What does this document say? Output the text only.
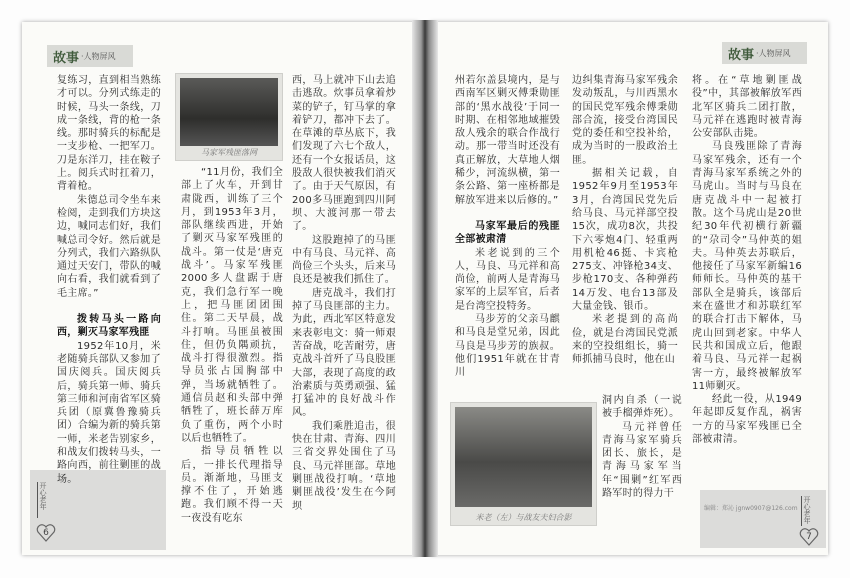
故事 ·人物屏风	故事 ·人物屏风
马家军残匪落网
米老（左）与战友夫妇合影

复练习，直到相当熟练才可以。分列式练走的时候，马头一条线，刀成一条线，背的枪一条线。那时骑兵的标配是一支步枪、一把军刀。刀是东洋刀，挂在鞍子上。阅兵式时扛着刀，背着枪。

朱德总司令坐车来检阅，走到我们方块这边，喊同志们好，我们喊总司令好。然后就是分列式，我们六路纵队通过天安门，带队的喊向右看，我们就看到了毛主席。”

拨转马头一路向西，剿灭马家军残匪

1952年10月，米老随骑兵部队又参加了国庆阅兵。国庆阅兵后，骑兵第一师、骑兵第三师和河南省军区骑兵团（原冀鲁豫骑兵团）合编为新的骑兵第一师，米老告别家乡，和战友们拨转马头，一路向西，前往剿匪的战场。

“11月份，我们全部上了火车，开到甘肃陇西，训练了三个月，到1953年3月，部队继续西进，开始了剿灭马家军残匪的战斗。第一仗是‘唐克战斗’。马家军残匪2000多人盘踞于唐克，我们急行军一晚上，把马匪团团围住。第二天早晨，战斗打响。马匪虽被围住，但仍负隅顽抗，战斗打得很激烈。指导员张占国胸部中弹，当场就牺牲了。通信员赵和头部中弹牺牲了，班长薛万库负了重伤，两个小时以后也牺牲了。

指导员牺牲以后，一排长代理指导员。渐渐地，马匪支撑不住了，开始逃跑。我们顾不得一天一夜没有吃东

西，马上就冲下山去追击逃敌。炊事员拿着炒菜的铲子，钉马掌的拿着铲刀，都冲下去了。在草滩的草丛底下，我们发现了六七个敌人，还有一个女报话员，这股敌人很快被我们消灭了。由于天气原因，有200多马匪跑到四川阿坝、大渡河那一带去了。

这股跑掉了的马匪中有马良、马元祥、高尚俭三个头头，后来马良还是被我们抓住了。

唐克战斗，我们打掉了马良匪部的主力。为此，西北军区特意发来表彰电文：骑一师艰苦奋战，吃苦耐劳，唐克战斗首歼了马良股匪大部，表现了高度的政治素质与英勇顽强、猛打猛冲的良好战斗作风。

我们乘胜追击，很快在甘肃、青海、四川三省交界处围住了马良、马元祥匪部。草地剿匪战役打响。‘草地剿匪战役’发生在今阿坝

州若尔盖县境内，是与西南军区剿灭傅秉勋匪部的‘黑水战役’于同一时期、在相邻地域摧毁敌人残余的联合作战行动。那一带当时还没有真正解放，大草地人烟稀少，河流纵横，第一条公路、第一座桥都是解放军进来以后修的。”

马家军最后的残匪全部被肃清

米老说到的三个人，马良、马元祥和高尚俭，前两人是青海马家军的上层军官，后者是台湾空投特务。

马步芳的父亲马麒和马良是堂兄弟，因此马良是马步芳的族叔。他们1951年就在甘青川

边纠集青海马家军残余发动叛乱，与川西黑水的国民党军残余傅秉勋部合流，接受台湾国民党的委任和空投补给，成为当时的一股政治土匪。

据相关记载，自1952年9月至1953年3月，台湾国民党先后给马良、马元祥部空投15次，成功8次，共投下六零炮4门、轻重两用机枪46挺、卡宾枪275支、冲锋枪34支、步枪170支、各种弹药14万发、电台13部及大量金钱、银币。

米老提到的高尚俭，就是台湾国民党派来的空投组组长，骑一师抓捕马良时，他在山

洞内自杀（一说被手榴弹炸死）。

马元祥曾任青海马家军骑兵团长、旅长，是青海马家军当年“围剿”红军西路军时的得力干

将。在“草地剿匪战役”中，其部被解放军西北军区骑兵二团打散，马元祥在逃跑时被青海公安部队击毙。

马良残匪除了青海马家军残余，还有一个青海马家军系统之外的马虎山。当时与马良在唐克战斗中一起被打散。这个马虎山是20世纪30年代初横行新疆的“尕司令”马仲英的姐夫。马仲英去苏联后，他接任了马家军新编16师师长。马仲英的基干部队全是骑兵，该部后来在盛世才和苏联红军的联合打击下解体，马虎山回到老家。中华人民共和国成立后，他跟着马良、马元祥一起祸害一方，最终被解放军11师剿灭。

经此一役，从1949年起即反复作乱，祸害一方的马家军残匪已全部被肃清。

开心老年
6
编辑：郑沁 jgnw0907@126.com 开心老年
7
